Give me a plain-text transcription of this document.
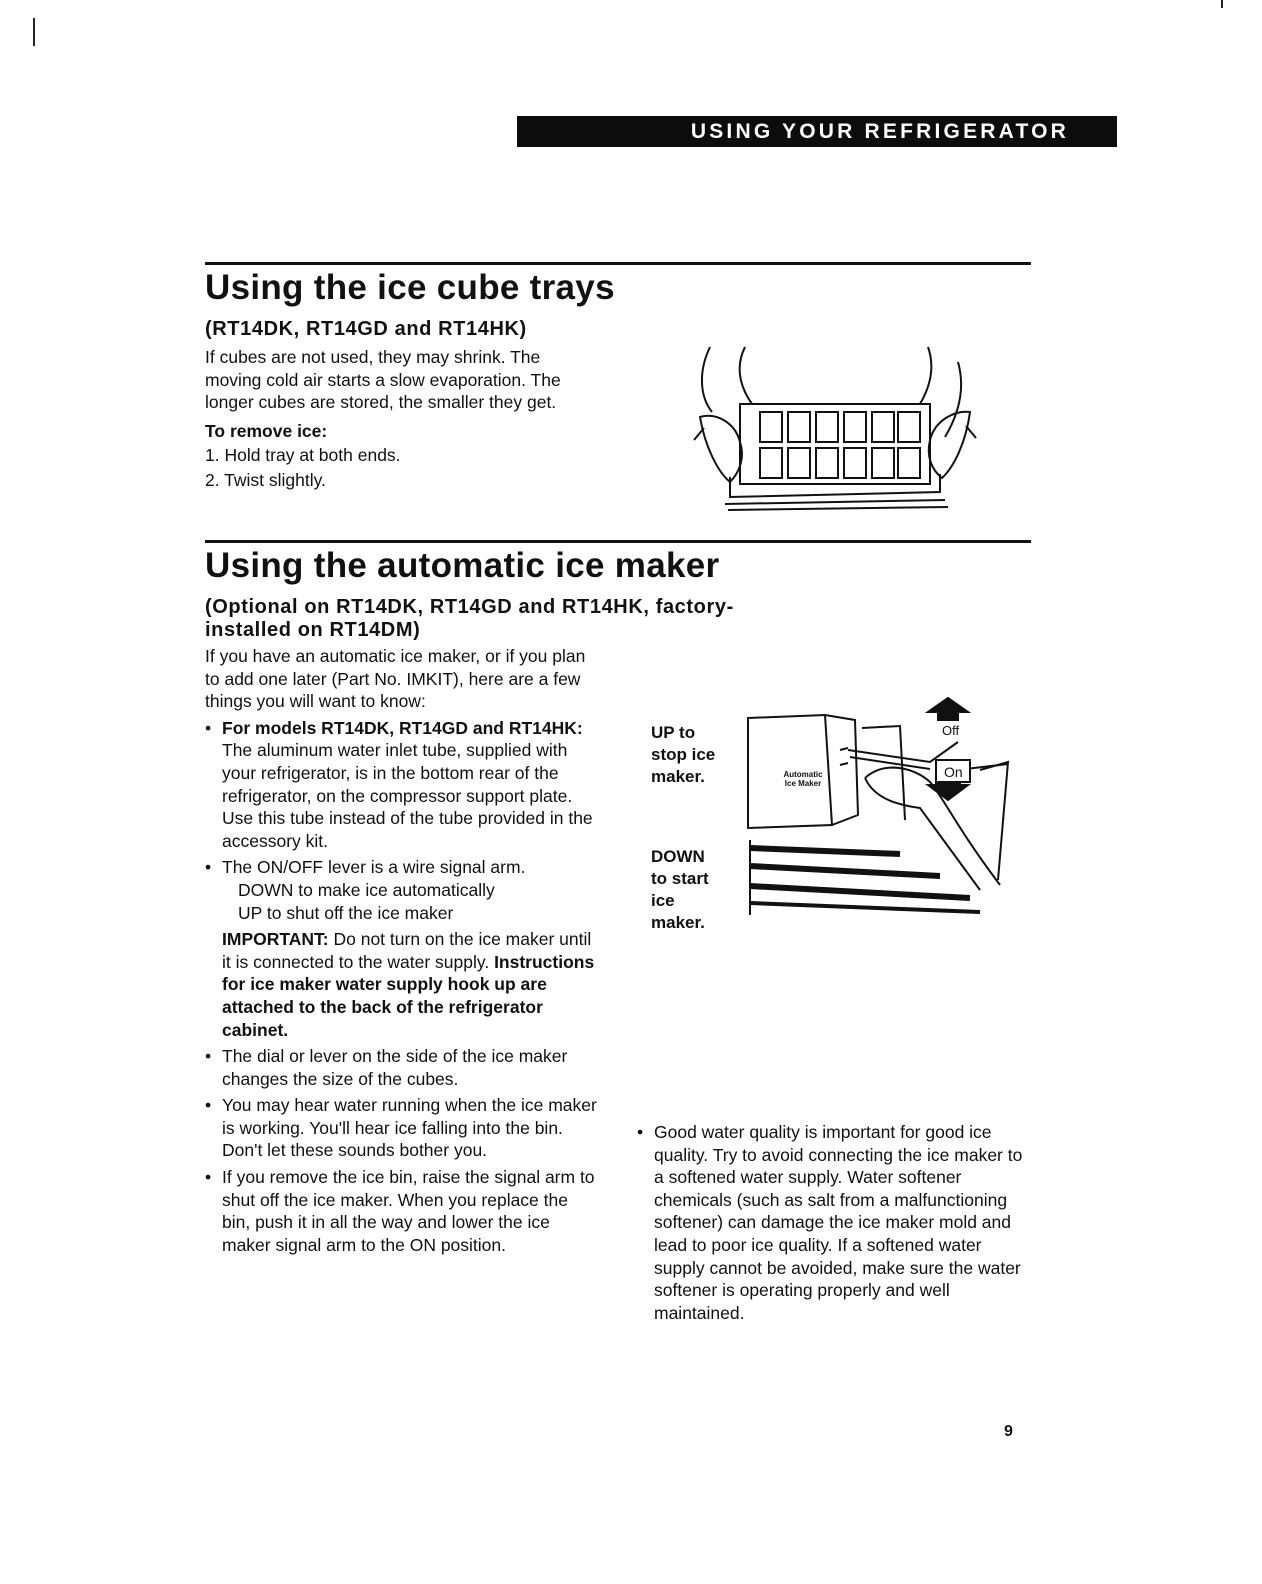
USING YOUR REFRIGERATOR
Using the ice cube trays
(RT14DK, RT14GD and RT14HK)

If cubes are not used, they may shrink. The moving cold air starts a slow evaporation. The longer cubes are stored, the smaller they get.

To remove ice:

1. Hold tray at both ends.

2. Twist slightly.

Using the automatic ice maker
(Optional on RT14DK, RT14GD and RT14HK, factory-installed on RT14DM)

If you have an automatic ice maker, or if you plan to add one later (Part No. IMKIT), here are a few things you will want to know:

• For models RT14DK, RT14GD and RT14HK: The aluminum water inlet tube, supplied with your refrigerator, is in the bottom rear of the refrigerator, on the compressor support plate. Use this tube instead of the tube provided in the accessory kit.
• The ON/OFF lever is a wire signal arm.
DOWN to make ice automatically
UP to shut off the ice maker
IMPORTANT: Do not turn on the ice maker until it is connected to the water supply. Instructions for ice maker water supply hook up are attached to the back of the refrigerator cabinet.
• The dial or lever on the side of the ice maker changes the size of the cubes.
• You may hear water running when the ice maker is working. You'll hear ice falling into the bin. Don't let these sounds bother you.
• If you remove the ice bin, raise the signal arm to shut off the ice maker. When you replace the bin, push it in all the way and lower the ice maker signal arm to the ON position.
UP to stop ice maker.
DOWN to start ice maker.
Off
On
Automatic Ice Maker
• Good water quality is important for good ice quality. Try to avoid connecting the ice maker to a softened water supply. Water softener chemicals (such as salt from a malfunctioning softener) can damage the ice maker mold and lead to poor ice quality. If a softened water supply cannot be avoided, make sure the water softener is operating properly and well maintained.
9
